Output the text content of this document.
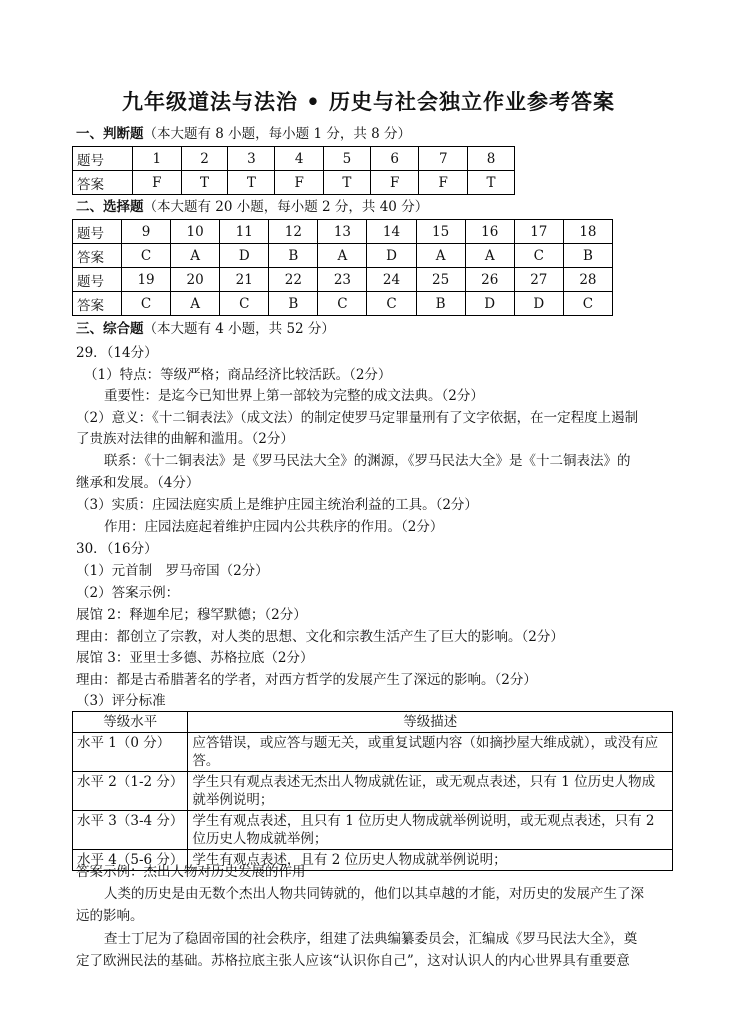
九年级道法与法治 • 历史与社会独立作业参考答案
一、判断题（本大题有 8 小题，每小题 1 分，共 8 分）
题号	1	2	3	4	5	6	7	8
答案	F	T	T	F	T	F	F	T
二、选择题（本大题有 20 小题，每小题 2 分，共 40 分）
题号	9	10	11	12	13	14	15	16	17	18
答案	C	A	D	B	A	D	A	A	C	B
题号	19	20	21	22	23	24	25	26	27	28
答案	C	A	C	B	C	C	B	D	D	C
三、综合题（本大题有 4 小题，共 52 分）
29．（14分）
（1）特点：等级严格；商品经济比较活跃。（2分）
重要性：是迄今已知世界上第一部较为完整的成文法典。（2分）
（2）意义：《十二铜表法》（成文法）的制定使罗马定罪量刑有了文字依据，在一定程度上遏制
了贵族对法律的曲解和滥用。（2分）
联系：《十二铜表法》是《罗马民法大全》的渊源，《罗马民法大全》是《十二铜表法》的
继承和发展。（4分）
（3）实质：庄园法庭实质上是维护庄园主统治利益的工具。（2分）
作用：庄园法庭起着维护庄园内公共秩序的作用。（2分）
30．（16分）
（1）元首制　罗马帝国（2分）
（2）答案示例：
展馆 2：释迦牟尼；穆罕默德；（2分）
理由：都创立了宗教，对人类的思想、文化和宗教生活产生了巨大的影响。（2分）
展馆 3：亚里士多德、苏格拉底（2分）
理由：都是古希腊著名的学者，对西方哲学的发展产生了深远的影响。（2分）
（3）评分标准
等级水平	等级描述
水平 1（0 分）	应答错误，或应答与题无关，或重复试题内容（如摘抄屋大维成就），或没有应答。
水平 2（1-2 分）	学生只有观点表述无杰出人物成就佐证，或无观点表述，只有 1 位历史人物成就举例说明；
水平 3（3-4 分）	学生有观点表述，且只有 1 位历史人物成就举例说明，或无观点表述，只有 2 位历史人物成就举例；
水平 4（5-6 分）	学生有观点表述，且有 2 位历史人物成就举例说明；
答案示例：杰出人物对历史发展的作用
人类的历史是由无数个杰出人物共同铸就的，他们以其卓越的才能，对历史的发展产生了深
远的影响。
查士丁尼为了稳固帝国的社会秩序，组建了法典编纂委员会，汇编成《罗马民法大全》，奠
定了欧洲民法的基础。苏格拉底主张人应该“认识你自己”，这对认识人的内心世界具有重要意
